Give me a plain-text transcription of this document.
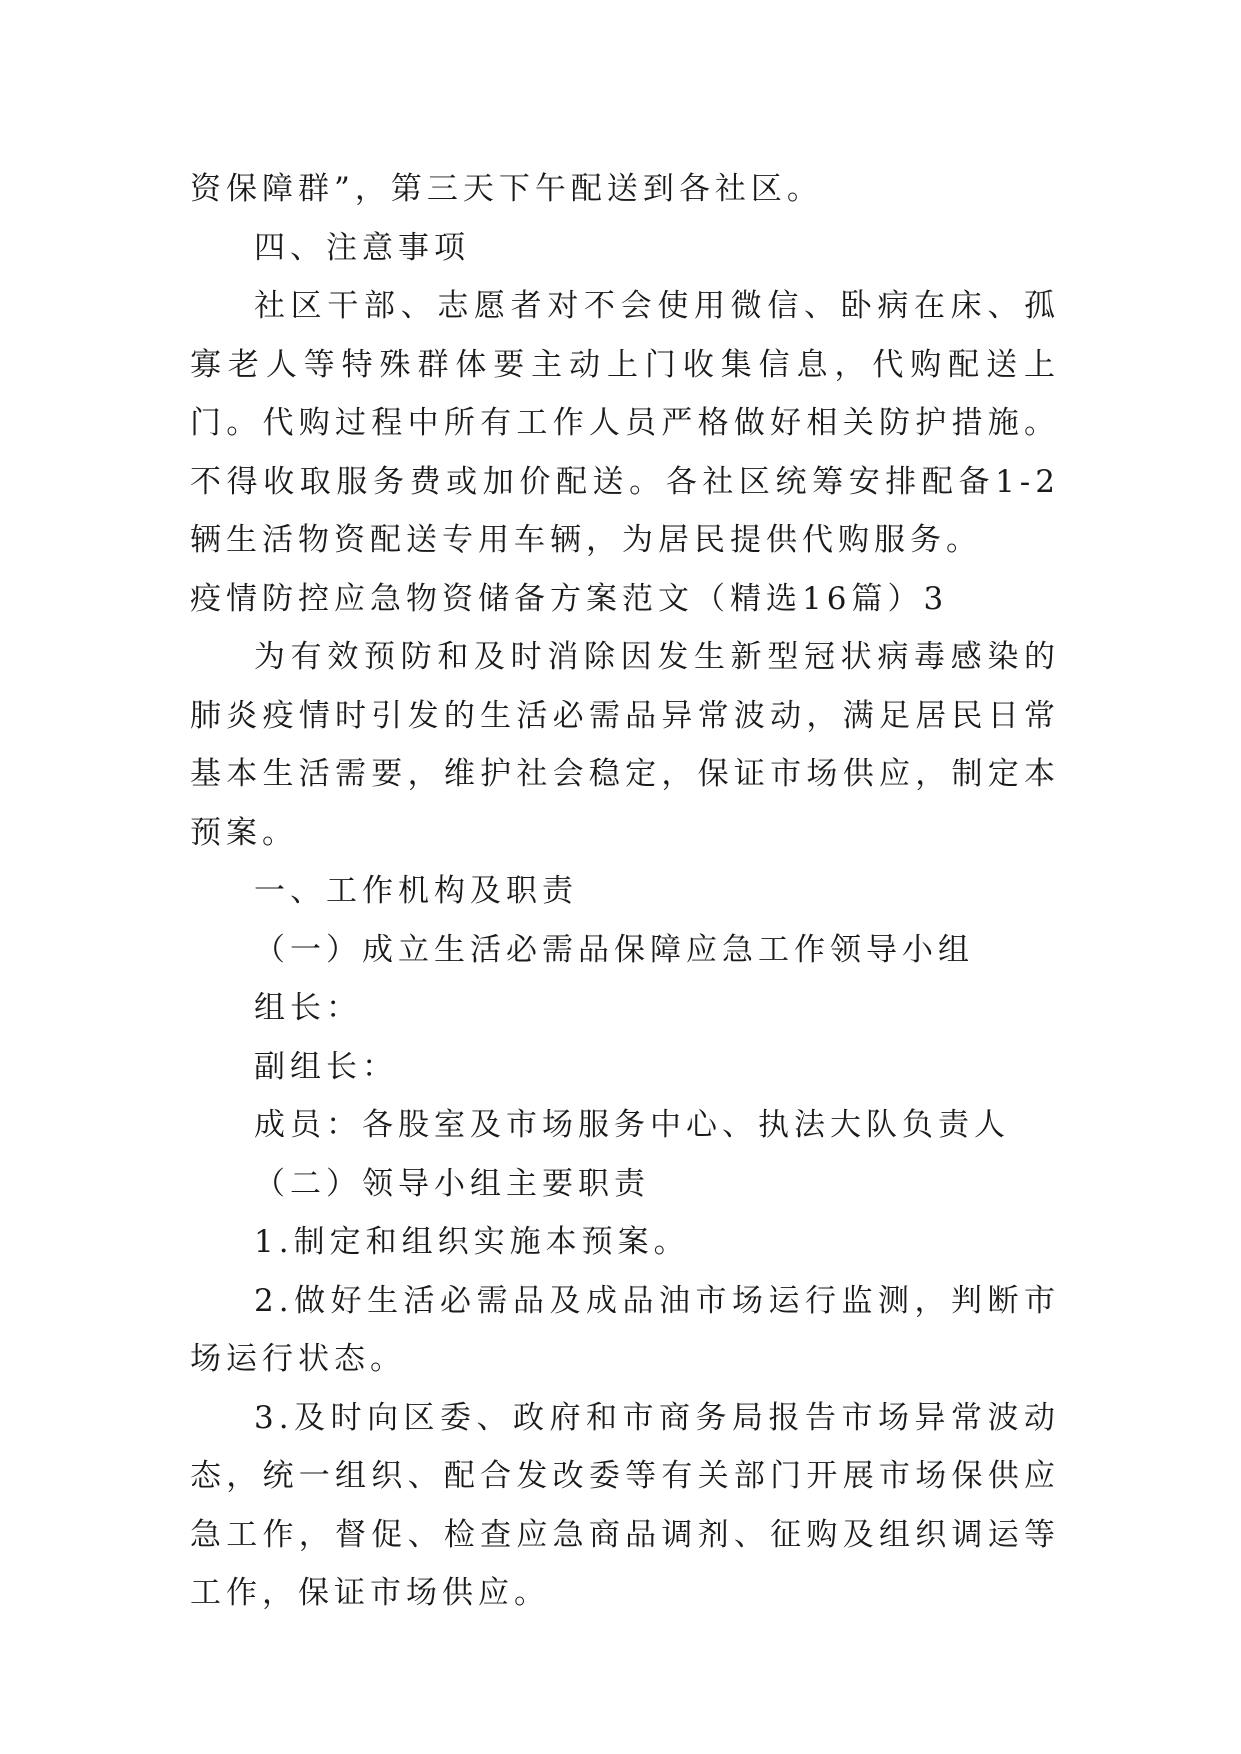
资保障群”，第三天下午配送到各社区。

四、注意事项

社区干部、志愿者对不会使用微信、卧病在床、孤寡老人等特殊群体要主动上门收集信息，代购配送上门。代购过程中所有工作人员严格做好相关防护措施。不得收取服务费或加价配送。各社区统筹安排配备1-2辆生活物资配送专用车辆，为居民提供代购服务。

疫情防控应急物资储备方案范文（精选16篇）3

为有效预防和及时消除因发生新型冠状病毒感染的肺炎疫情时引发的生活必需品异常波动，满足居民日常基本生活需要，维护社会稳定，保证市场供应，制定本预案。

一、工作机构及职责

（一）成立生活必需品保障应急工作领导小组

组长：

副组长：

成员：各股室及市场服务中心、执法大队负责人

（二）领导小组主要职责

1.制定和组织实施本预案。

2.做好生活必需品及成品油市场运行监测，判断市场运行状态。

3.及时向区委、政府和市商务局报告市场异常波动态，统一组织、配合发改委等有关部门开展市场保供应急工作，督促、检查应急商品调剂、征购及组织调运等工作，保证市场供应。
